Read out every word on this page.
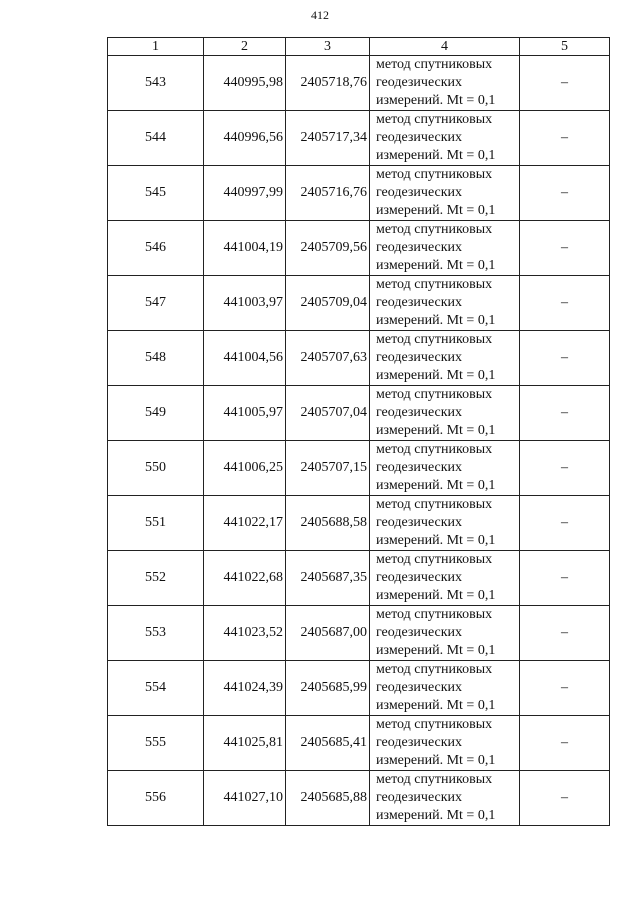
412
1	2	3	4	5
543	440995,98	2405718,76	метод спутниковых
геодезических
измерений. Mt = 0,1	–
544	440996,56	2405717,34	метод спутниковых
геодезических
измерений. Mt = 0,1	–
545	440997,99	2405716,76	метод спутниковых
геодезических
измерений. Mt = 0,1	–
546	441004,19	2405709,56	метод спутниковых
геодезических
измерений. Mt = 0,1	–
547	441003,97	2405709,04	метод спутниковых
геодезических
измерений. Mt = 0,1	–
548	441004,56	2405707,63	метод спутниковых
геодезических
измерений. Mt = 0,1	–
549	441005,97	2405707,04	метод спутниковых
геодезических
измерений. Mt = 0,1	–
550	441006,25	2405707,15	метод спутниковых
геодезических
измерений. Mt = 0,1	–
551	441022,17	2405688,58	метод спутниковых
геодезических
измерений. Mt = 0,1	–
552	441022,68	2405687,35	метод спутниковых
геодезических
измерений. Mt = 0,1	–
553	441023,52	2405687,00	метод спутниковых
геодезических
измерений. Mt = 0,1	–
554	441024,39	2405685,99	метод спутниковых
геодезических
измерений. Mt = 0,1	–
555	441025,81	2405685,41	метод спутниковых
геодезических
измерений. Mt = 0,1	–
556	441027,10	2405685,88	метод спутниковых
геодезических
измерений. Mt = 0,1	–
